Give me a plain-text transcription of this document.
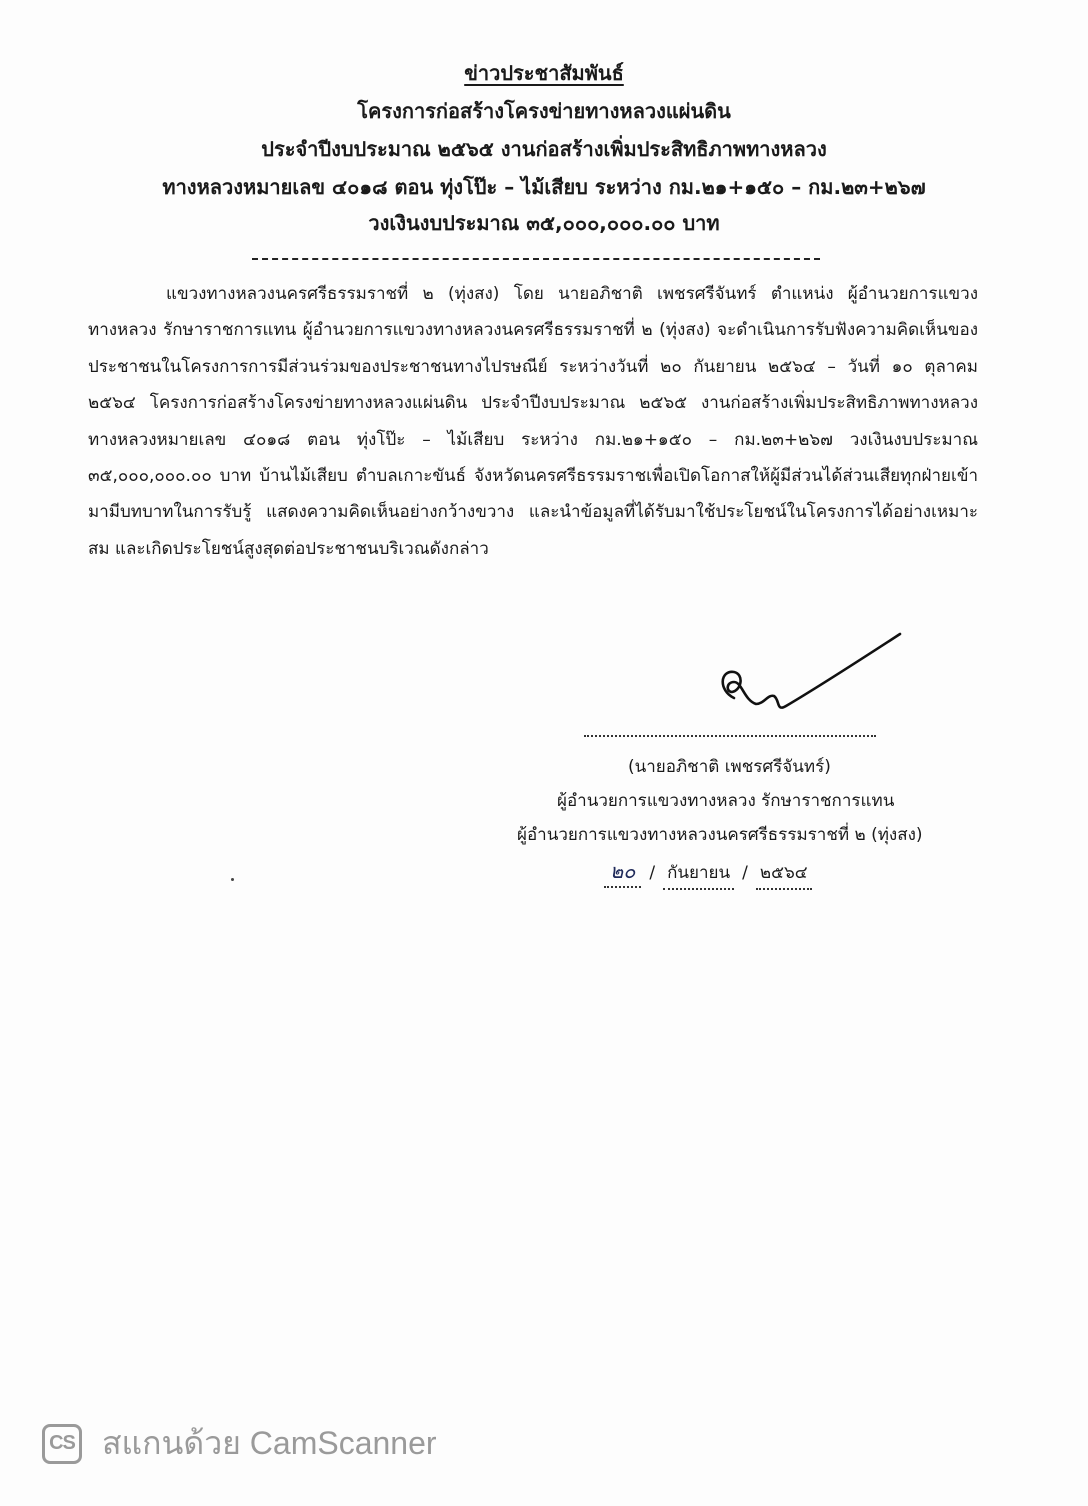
ข่าวประชาสัมพันธ์
โครงการก่อสร้างโครงข่ายทางหลวงแผ่นดิน
ประจำปีงบประมาณ ๒๕๖๕ งานก่อสร้างเพิ่มประสิทธิภาพทางหลวง
ทางหลวงหมายเลข ๔๐๑๘ ตอน ทุ่งโป๊ะ – ไม้เสียบ ระหว่าง กม.๒๑+๑๕๐ – กม.๒๓+๒๖๗
วงเงินงบประมาณ ๓๕,๐๐๐,๐๐๐.๐๐ บาท

แขวงทางหลวงนครศรีธรรมราชที่ ๒ (ทุ่งสง) โดย นายอภิชาติ เพชรศรีจันทร์ ตำแหน่ง ผู้อำนวยการแขวงทางหลวง รักษาราชการแทน ผู้อำนวยการแขวงทางหลวงนครศรีธรรมราชที่ ๒ (ทุ่งสง) จะดำเนินการรับฟังความคิดเห็นของประชาชนในโครงการการมีส่วนร่วมของประชาชนทางไปรษณีย์ ระหว่างวันที่ ๒๐ กันยายน ๒๕๖๔ – วันที่ ๑๐ ตุลาคม ๒๕๖๔ โครงการก่อสร้างโครงข่ายทางหลวงแผ่นดิน ประจำปีงบประมาณ ๒๕๖๕ งานก่อสร้างเพิ่มประสิทธิภาพทางหลวง ทางหลวงหมายเลข ๔๐๑๘ ตอน ทุ่งโป๊ะ – ไม้เสียบ ระหว่าง กม.๒๑+๑๕๐ – กม.๒๓+๒๖๗ วงเงินงบประมาณ ๓๕,๐๐๐,๐๐๐.๐๐ บาท บ้านไม้เสียบ ตำบลเกาะขันธ์ จังหวัดนครศรีธรรมราชเพื่อเปิดโอกาสให้ผู้มีส่วนได้ส่วนเสียทุกฝ่ายเข้ามามีบทบาทในการรับรู้ แสดงความคิดเห็นอย่างกว้างขวาง และนำข้อมูลที่ได้รับมาใช้ประโยชน์ในโครงการได้อย่างเหมาะสม และเกิดประโยชน์สูงสุดต่อประชาชนบริเวณดังกล่าว

(นายอภิชาติ เพชรศรีจันทร์)
ผู้อำนวยการแขวงทางหลวง รักษาราชการแทน
ผู้อำนวยการแขวงทางหลวงนครศรีธรรมราชที่ ๒ (ทุ่งสง)
๒๐ / กันยายน / ๒๕๖๔
CS สแกนด้วย CamScanner
